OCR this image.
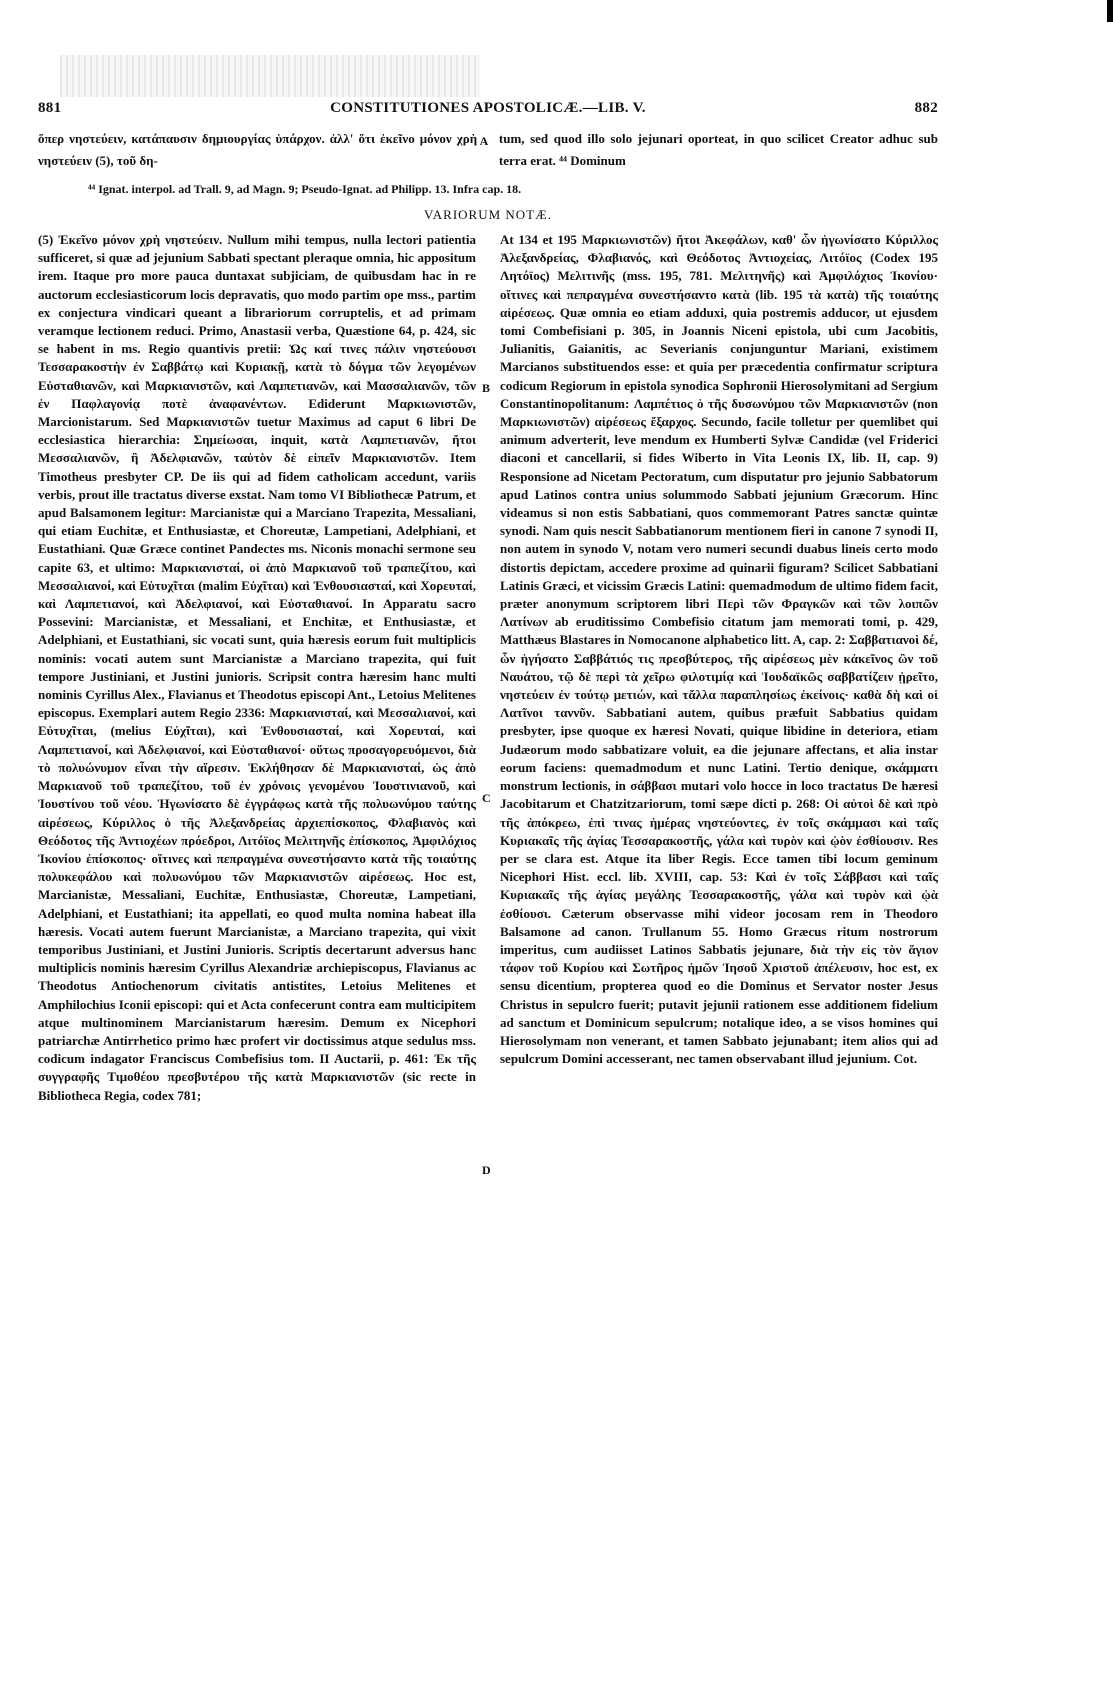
881	CONSTITUTIONES APOSTOLICÆ.—LIB. V.	882
ὅπερ νηστεύειν, κατάπαυσιν δημιουργίας ὑπάρχον. ἀλλ' ὅτι ἐκεῖνο μόνον χρὴ νηστεύειν (5), τοῦ δη-
A tum, sed quod illo solo jejunari oporteat, in quo scilicet Creator adhuc sub terra erat. ⁴⁴ Dominum
⁴⁴ Ignat. interpol. ad Trall. 9, ad Magn. 9; Pseudo-Ignat. ad Philipp. 13. Infra cap. 18.
VARIORUM NOTÆ.

(5) Ἐκεῖνο μόνον χρὴ νηστεύειν. Nullum mihi tempus, nulla lectori patientia sufficeret, si quæ ad jejunium Sabbati spectant pleraque omnia, hic appositum irem. Itaque pro more pauca duntaxat subjiciam, de quibusdam hac in re auctorum ecclesiasticorum locis depravatis, quo modo partim ope mss., partim ex conjectura vindicari queant a librariorum corruptelis, et ad primam veramque lectionem reduci. Primo, Anastasii verba, Quæstione 64, p. 424, sic se habent in ms. Regio quantivis pretii: Ὡς καί τινες πάλιν νηστεύουσι Τεσσαρακοστὴν ἐν Σαββάτῳ καὶ Κυριακῇ, κατὰ τὸ δόγμα τῶν λεγομένων Εὐσταθιανῶν, καὶ Μαρκιανιστῶν, καὶ Λαμπετιανῶν, καὶ Μασσαλιανῶν, τῶν ἐν Παφλαγονίᾳ ποτὲ ἀναφανέντων. Ediderunt Μαρκιωνιστῶν, Marcionistarum. Sed Μαρκιανιστῶν tuetur Maximus ad caput 6 libri De ecclesiastica hierarchia: Σημείωσαι, inquit, κατὰ Λαμπετιανῶν, ἤτοι Μεσσαλιανῶν, ἢ Ἀδελφιανῶν, ταὐτὸν δὲ εἰπεῖν Μαρκιανιστῶν. Item Timotheus presbyter CP. De iis qui ad fidem catholicam accedunt, variis verbis, prout ille tractatus diverse exstat. Nam tomo VI Bibliothecæ Patrum, et apud Balsamonem legitur: Marcianistæ qui a Marciano Trapezita, Messaliani, qui etiam Euchitæ, et Enthusiastæ, et Choreutæ, Lampetiani, Adelphiani, et Eustathiani. Quæ Græce continet Pandectes ms. Niconis monachi sermone seu capite 63, et ultimo: Μαρκιανισταί, οἱ ἀπὸ Μαρκιανοῦ τοῦ τραπεζίτου, καὶ Μεσσαλιανοί, καὶ Εὐτυχῖται (malim Εὐχῖται) καὶ Ἐνθουσιασταί, καὶ Χορευταί, καὶ Λαμπετιανοί, καὶ Ἀδελφιανοί, καὶ Εὐσταθιανοί. In Apparatu sacro Possevini: Marcianistæ, et Messaliani, et Enchitæ, et Enthusiastæ, et Adelphiani, et Eustathiani, sic vocati sunt, quia hæresis eorum fuit multiplicis nominis: vocati autem sunt Marcianistæ a Marciano trapezita, qui fuit tempore Justiniani, et Justini junioris. Scripsit contra hæresim hanc multi nominis Cyrillus Alex., Flavianus et Theodotus episcopi Ant., Letoius Melitenes episcopus. Exemplari autem Regio 2336: Μαρκιανισταί, καὶ Μεσσαλιανοί, καὶ Εὐτυχῖται, (melius Εὐχῖται), καὶ Ἐνθουσιασταί, καὶ Χορευταί, καὶ Λαμπετιανοί, καὶ Ἀδελφιανοί, καὶ Εὐσταθιανοί· οὕτως προσαγορευόμενοι, διὰ τὸ πολυώνυμον εἶναι τὴν αἵρεσιν. Ἐκλήθησαν δὲ Μαρκιανισταί, ὡς ἀπὸ Μαρκιανοῦ τοῦ τραπεζίτου, τοῦ ἐν χρόνοις γενομένου Ἰουστινιανοῦ, καὶ Ἰουστίνου τοῦ νέου. Ἠγωνίσατο δὲ ἐγγράφως κατὰ τῆς πολυωνύμου ταύτης αἱρέσεως, Κύριλλος ὁ τῆς Ἀλεξανδρείας ἀρχιεπίσκοπος, Φλαβιανὸς καὶ Θεόδοτος τῆς Ἀντιοχέων πρόεδροι, Λιτόϊος Μελιτηνῆς ἐπίσκοπος, Ἀμφιλόχιος Ἰκονίου ἐπίσκοπος· οἵτινες καὶ πεπραγμένα συνεστήσαντο κατὰ τῆς τοιαύτης πολυκεφάλου καὶ πολυωνύμου τῶν Μαρκιανιστῶν αἱρέσεως. Hoc est, Marcianistæ, Messaliani, Euchitæ, Enthusiastæ, Choreutæ, Lampetiani, Adelphiani, et Eustathiani; ita appellati, eo quod multa nomina habeat illa hæresis. Vocati autem fuerunt Marcianistæ, a Marciano trapezita, qui vixit temporibus Justiniani, et Justini Junioris. Scriptis decertarunt adversus hanc multiplicis nominis hæresim Cyrillus Alexandriæ archiepiscopus, Flavianus ac Theodotus Antiochenorum civitatis antistites, Letoius Melitenes et Amphilochius Iconii episcopi: qui et Acta confecerunt contra eam multicipitem atque multinominem Marcianistarum hæresim. Demum ex Nicephori patriarchæ Antirrhetico primo hæc profert vir doctissimus atque sedulus mss. codicum indagator Franciscus Combefisius tom. II Auctarii, p. 461: Ἐκ τῆς συγγραφῆς Τιμοθέου πρεσβυτέρου τῆς κατὰ Μαρκιανιστῶν (sic recte in Bibliotheca Regia, codex 781;

B
C
D

At 134 et 195 Μαρκιωνιστῶν) ἤτοι Ἀκεφάλων, καθ' ὧν ἠγωνίσατο Κύριλλος Ἀλεξανδρείας, Φλαβιανός, καὶ Θεόδοτος Ἀντιοχείας, Λιτόϊος (Codex 195 Λητόϊος) Μελιτινῆς (mss. 195, 781. Μελιτηνῆς) καὶ Ἀμφιλόχιος Ἰκονίου· οἵτινες καὶ πεπραγμένα συνεστήσαντο κατὰ (lib. 195 τὰ κατὰ) τῆς τοιαύτης αἱρέσεως. Quæ omnia eo etiam adduxi, quia postremis adducor, ut ejusdem tomi Combefisiani p. 305, in Joannis Niceni epistola, ubi cum Jacobitis, Julianitis, Gaianitis, ac Severianis conjunguntur Mariani, existimem Marcianos substituendos esse: et quia per præcedentia confirmatur scriptura codicum Regiorum in epistola synodica Sophronii Hierosolymitani ad Sergium Constantinopolitanum: Λαμπέτιος ὁ τῆς δυσωνύμου τῶν Μαρκιανιστῶν (non Μαρκιωνιστῶν) αἱρέσεως ἔξαρχος. Secundo, facile tolletur per quemlibet qui animum adverterit, leve mendum ex Humberti Sylvæ Candidæ (vel Friderici diaconi et cancellarii, si fides Wiberto in Vita Leonis IX, lib. II, cap. 9) Responsione ad Nicetam Pectoratum, cum disputatur pro jejunio Sabbatorum apud Latinos contra unius solummodo Sabbati jejunium Græcorum. Hinc videamus si non estis Sabbatiani, quos commemorant Patres sanctæ quintæ synodi. Nam quis nescit Sabbatianorum mentionem fieri in canone 7 synodi II, non autem in synodo V, notam vero numeri secundi duabus lineis certo modo distortis depictam, accedere proxime ad quinarii figuram? Scilicet Sabbatiani Latinis Græci, et vicissim Græcis Latini: quemadmodum de ultimo fidem facit, præter anonymum scriptorem libri Περὶ τῶν Φραγκῶν καὶ τῶν λοιπῶν Λατίνων ab eruditissimo Combefisio citatum jam memorati tomi, p. 429, Matthæus Blastares in Nomocanone alphabetico litt. A, cap. 2: Σαββατιανοὶ δέ, ὧν ἡγήσατο Σαββάτιός τις πρεσβύτερος, τῆς αἱρέσεως μὲν κἀκεῖνος ὢν τοῦ Ναυάτου, τῷ δὲ περὶ τὰ χεῖρω φιλοτιμίᾳ καὶ Ἰουδαϊκῶς σαββατίζειν ᾑρεῖτο, νηστεύειν ἐν τούτῳ μετιών, καὶ τἄλλα παραπλησίως ἐκείνοις· καθὰ δὴ καὶ οἱ Λατῖνοι ταννῦν. Sabbatiani autem, quibus præfuit Sabbatius quidam presbyter, ipse quoque ex hæresi Novati, quique libidine in deteriora, etiam Judæorum modo sabbatizare voluit, ea die jejunare affectans, et alia instar eorum faciens: quemadmodum et nunc Latini. Tertio denique, σκάμματι monstrum lectionis, in σάββασι mutari volo hocce in loco tractatus De hæresi Jacobitarum et Chatzitzariorum, tomi sæpe dicti p. 268: Οἱ αὐτοὶ δὲ καὶ πρὸ τῆς ἀπόκρεω, ἐπὶ τινας ἡμέρας νηστεύοντες, ἐν τοῖς σκάμμασι καὶ ταῖς Κυριακαῖς τῆς ἁγίας Τεσσαρακοστῆς, γάλα καὶ τυρὸν καὶ ᾠὸν ἐσθίουσιν. Res per se clara est. Atque ita liber Regis. Ecce tamen tibi locum geminum Nicephori Hist. eccl. lib. XVIII, cap. 53: Καὶ ἐν τοῖς Σάββασι καὶ ταῖς Κυριακαῖς τῆς ἁγίας μεγάλης Τεσσαρακοστῆς, γάλα καὶ τυρὸν καὶ ᾠὰ ἐσθίουσι. Cæterum observasse mihi videor jocosam rem in Theodoro Balsamone ad canon. Trullanum 55. Homo Græcus ritum nostrorum imperitus, cum audiisset Latinos Sabbatis jejunare, διὰ τὴν εἰς τὸν ἅγιον τάφον τοῦ Κυρίου καὶ Σωτῆρος ἡμῶν Ἰησοῦ Χριστοῦ ἀπέλευσιν, hoc est, ex sensu dicentium, propterea quod eo die Dominus et Servator noster Jesus Christus in sepulcro fuerit; putavit jejunii rationem esse additionem fidelium ad sanctum et Dominicum sepulcrum; notalique ideo, a se visos homines qui Hierosolymam non venerant, et tamen Sabbato jejunabant; item alios qui ad sepulcrum Domini accesserant, nec tamen observabant illud jejunium. Cot.
